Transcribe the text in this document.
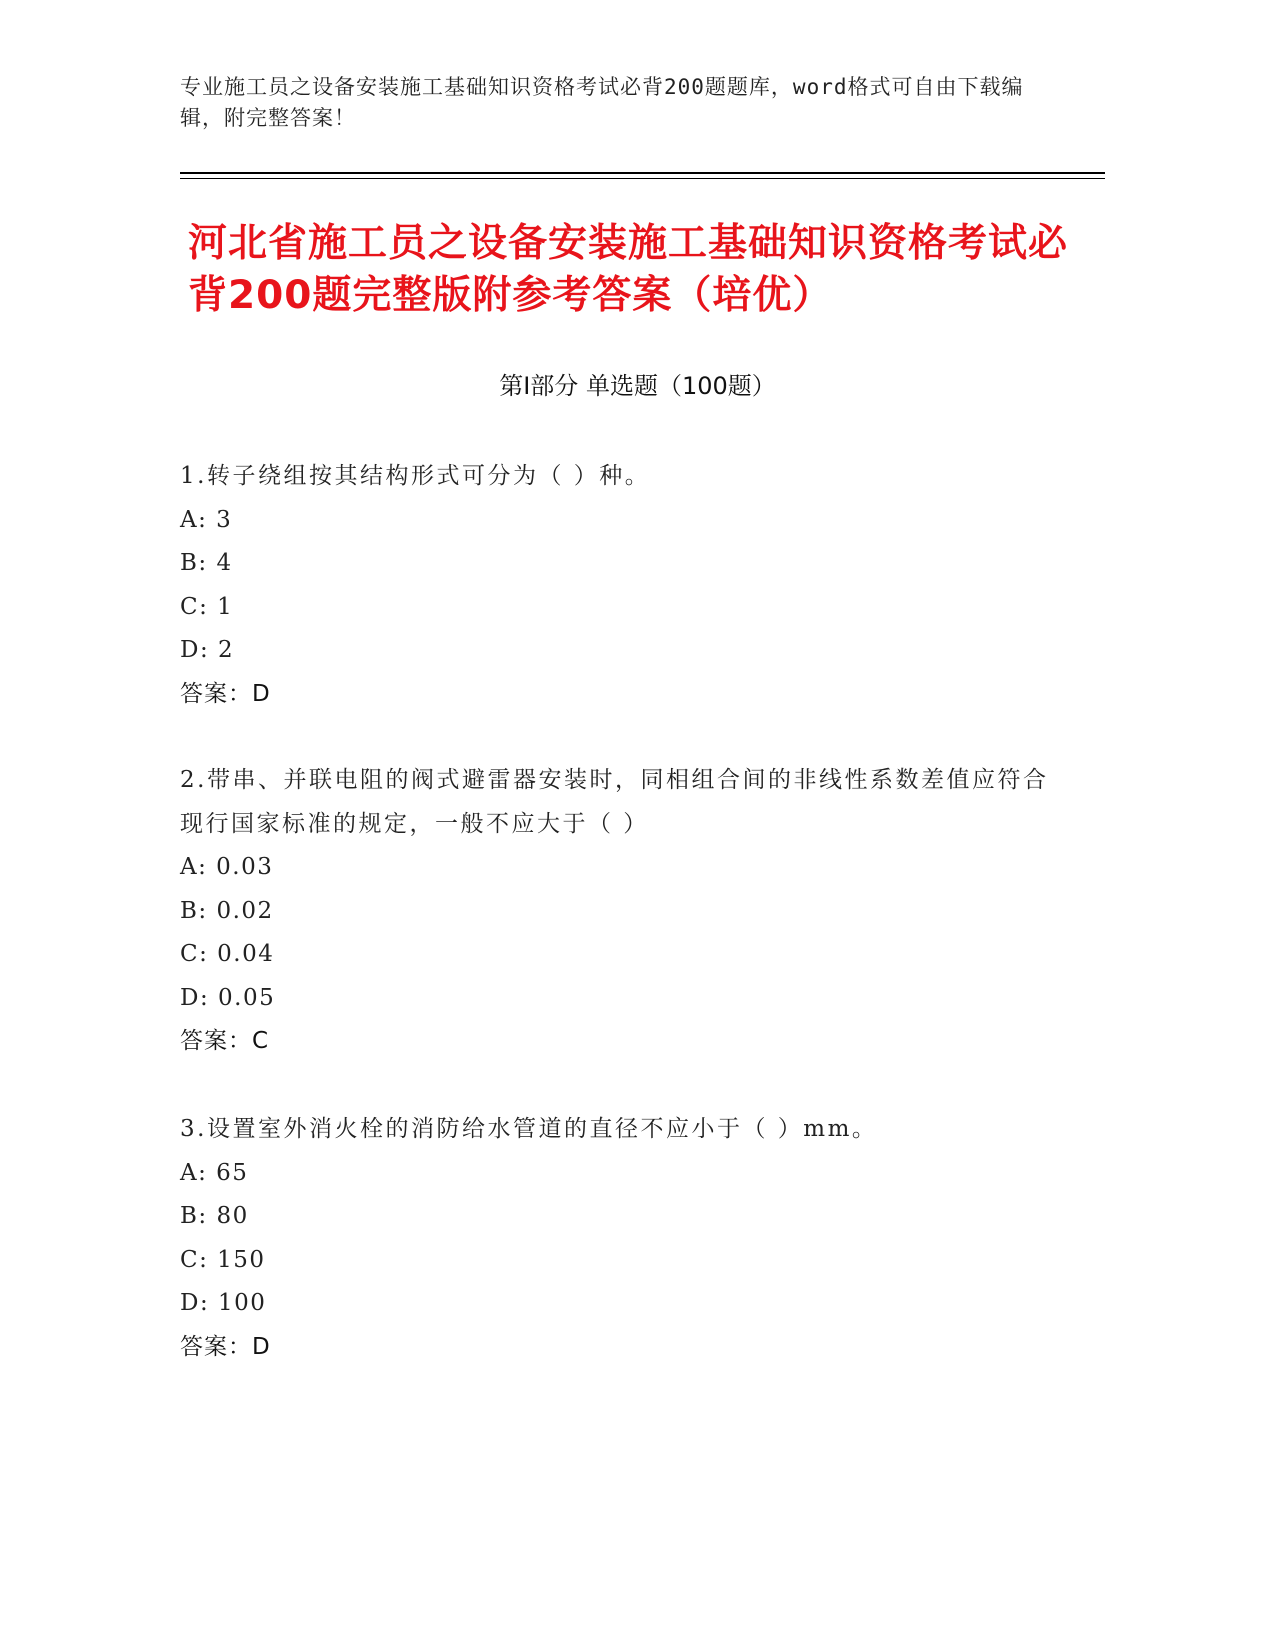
专业施工员之设备安装施工基础知识资格考试必背200题题库，word格式可自由下载编辑，附完整答案！
河北省施工员之设备安装施工基础知识资格考试必背200题完整版附参考答案（培优）
第Ⅰ部分 单选题（100题）
1.转子绕组按其结构形式可分为（ ）种。
A: 3
B: 4
C: 1
D: 2
答案：D
2.带串、并联电阻的阀式避雷器安装时，同相组合间的非线性系数差值应符合现行国家标准的规定，一般不应大于（ ）
A: 0.03
B: 0.02
C: 0.04
D: 0.05
答案：C
3.设置室外消火栓的消防给水管道的直径不应小于（ ）mm。
A: 65
B: 80
C: 150
D: 100
答案：D
